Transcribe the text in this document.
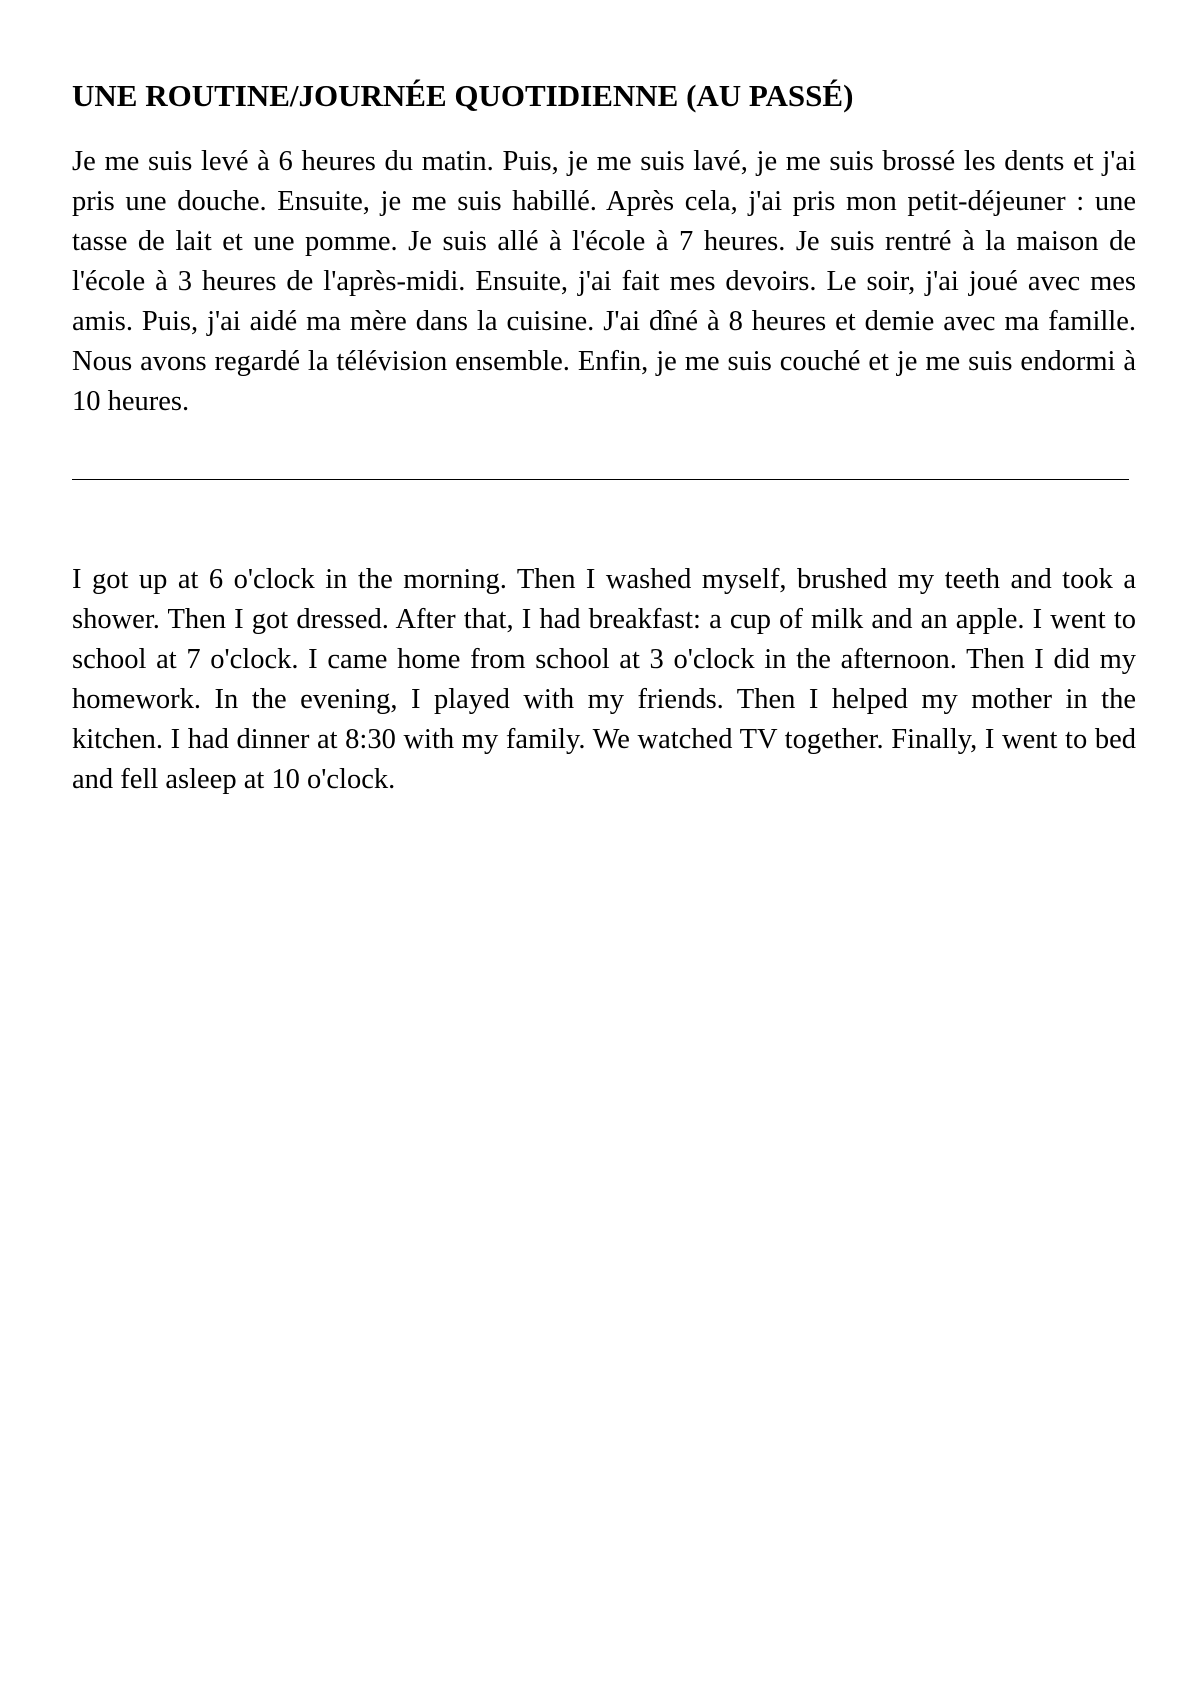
UNE ROUTINE/JOURNÉE QUOTIDIENNE (AU PASSÉ)

Je me suis levé à 6 heures du matin. Puis, je me suis lavé, je me suis brossé les dents et j'ai pris une douche. Ensuite, je me suis habillé. Après cela, j'ai pris mon petit-déjeuner : une tasse de lait et une pomme. Je suis allé à l'école à 7 heures. Je suis rentré à la maison de l'école à 3 heures de l'après-midi. Ensuite, j'ai fait mes devoirs. Le soir, j'ai joué avec mes amis. Puis, j'ai aidé ma mère dans la cuisine. J'ai dîné à 8 heures et demie avec ma famille. Nous avons regardé la télévision ensemble. Enfin, je me suis couché et je me suis endormi à 10 heures.

I got up at 6 o'clock in the morning. Then I washed myself, brushed my teeth and took a shower. Then I got dressed. After that, I had breakfast: a cup of milk and an apple. I went to school at 7 o'clock. I came home from school at 3 o'clock in the afternoon. Then I did my homework. In the evening, I played with my friends. Then I helped my mother in the kitchen. I had dinner at 8:30 with my family. We watched TV together. Finally, I went to bed and fell asleep at 10 o'clock.
